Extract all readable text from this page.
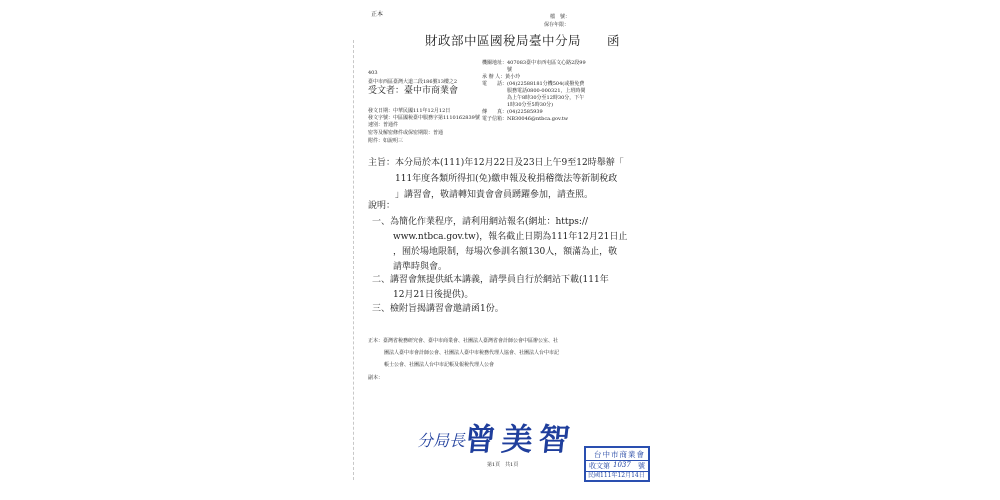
正本	檔　號：
保存年限：
財政部中區國稅局臺中分局　　函
機關地址：407083臺中市西屯區文心路2段99
號
承 辦 人：黃小玲
電　　話：(04)22588181分機504(或撥免費
服務電話0800-000321，上班時間
為上午8時30分至12時30分，下午
1時30分至5時30分)
傳　　真：(04)22585939
電子信箱：NB30046@ntbca.gov.tw
403
臺中市西區臺灣大道二段186號13樓之2
受文者：臺中市商業會
發文日期：中華民國111年12月12日
發文字號：中區國稅臺中服務字第1110162839號
速別：普通件
密等及解密條件或保密期限：普通
附件：如說明三
主旨： 本分局於本(111)年12月22日及23日上午9至12時舉辦「
111年度各類所得扣(免)繳申報及稅捐稽徵法等新制稅政
」講習會，敬請轉知貴會會員踴躍參加，請查照。
說明：
一、為簡化作業程序，請利用網站報名(網址：https://
www.ntbca.gov.tw)，報名截止日期為111年12月21日止
，囿於場地限制，每場次參訓名額130人，額滿為止，敬
請準時與會。
二、講習會無提供紙本講義，請學員自行於網站下載(111年
12月21日後提供)。
三、檢附旨揭講習會邀請函1份。
正本：臺灣省稅務研究會、臺中市商業會、社團法人臺灣省會計師公會中區辦公室、社
團法人臺中市會計師公會、社團法人臺中市稅務代理人協會、社團法人台中市記
帳士公會、社團法人台中市記帳及報稅代理人公會
副本：
分局長
曾美智
第1頁　共1頁
台中市商業會
收文第 1037 號
民國111年12月14日
